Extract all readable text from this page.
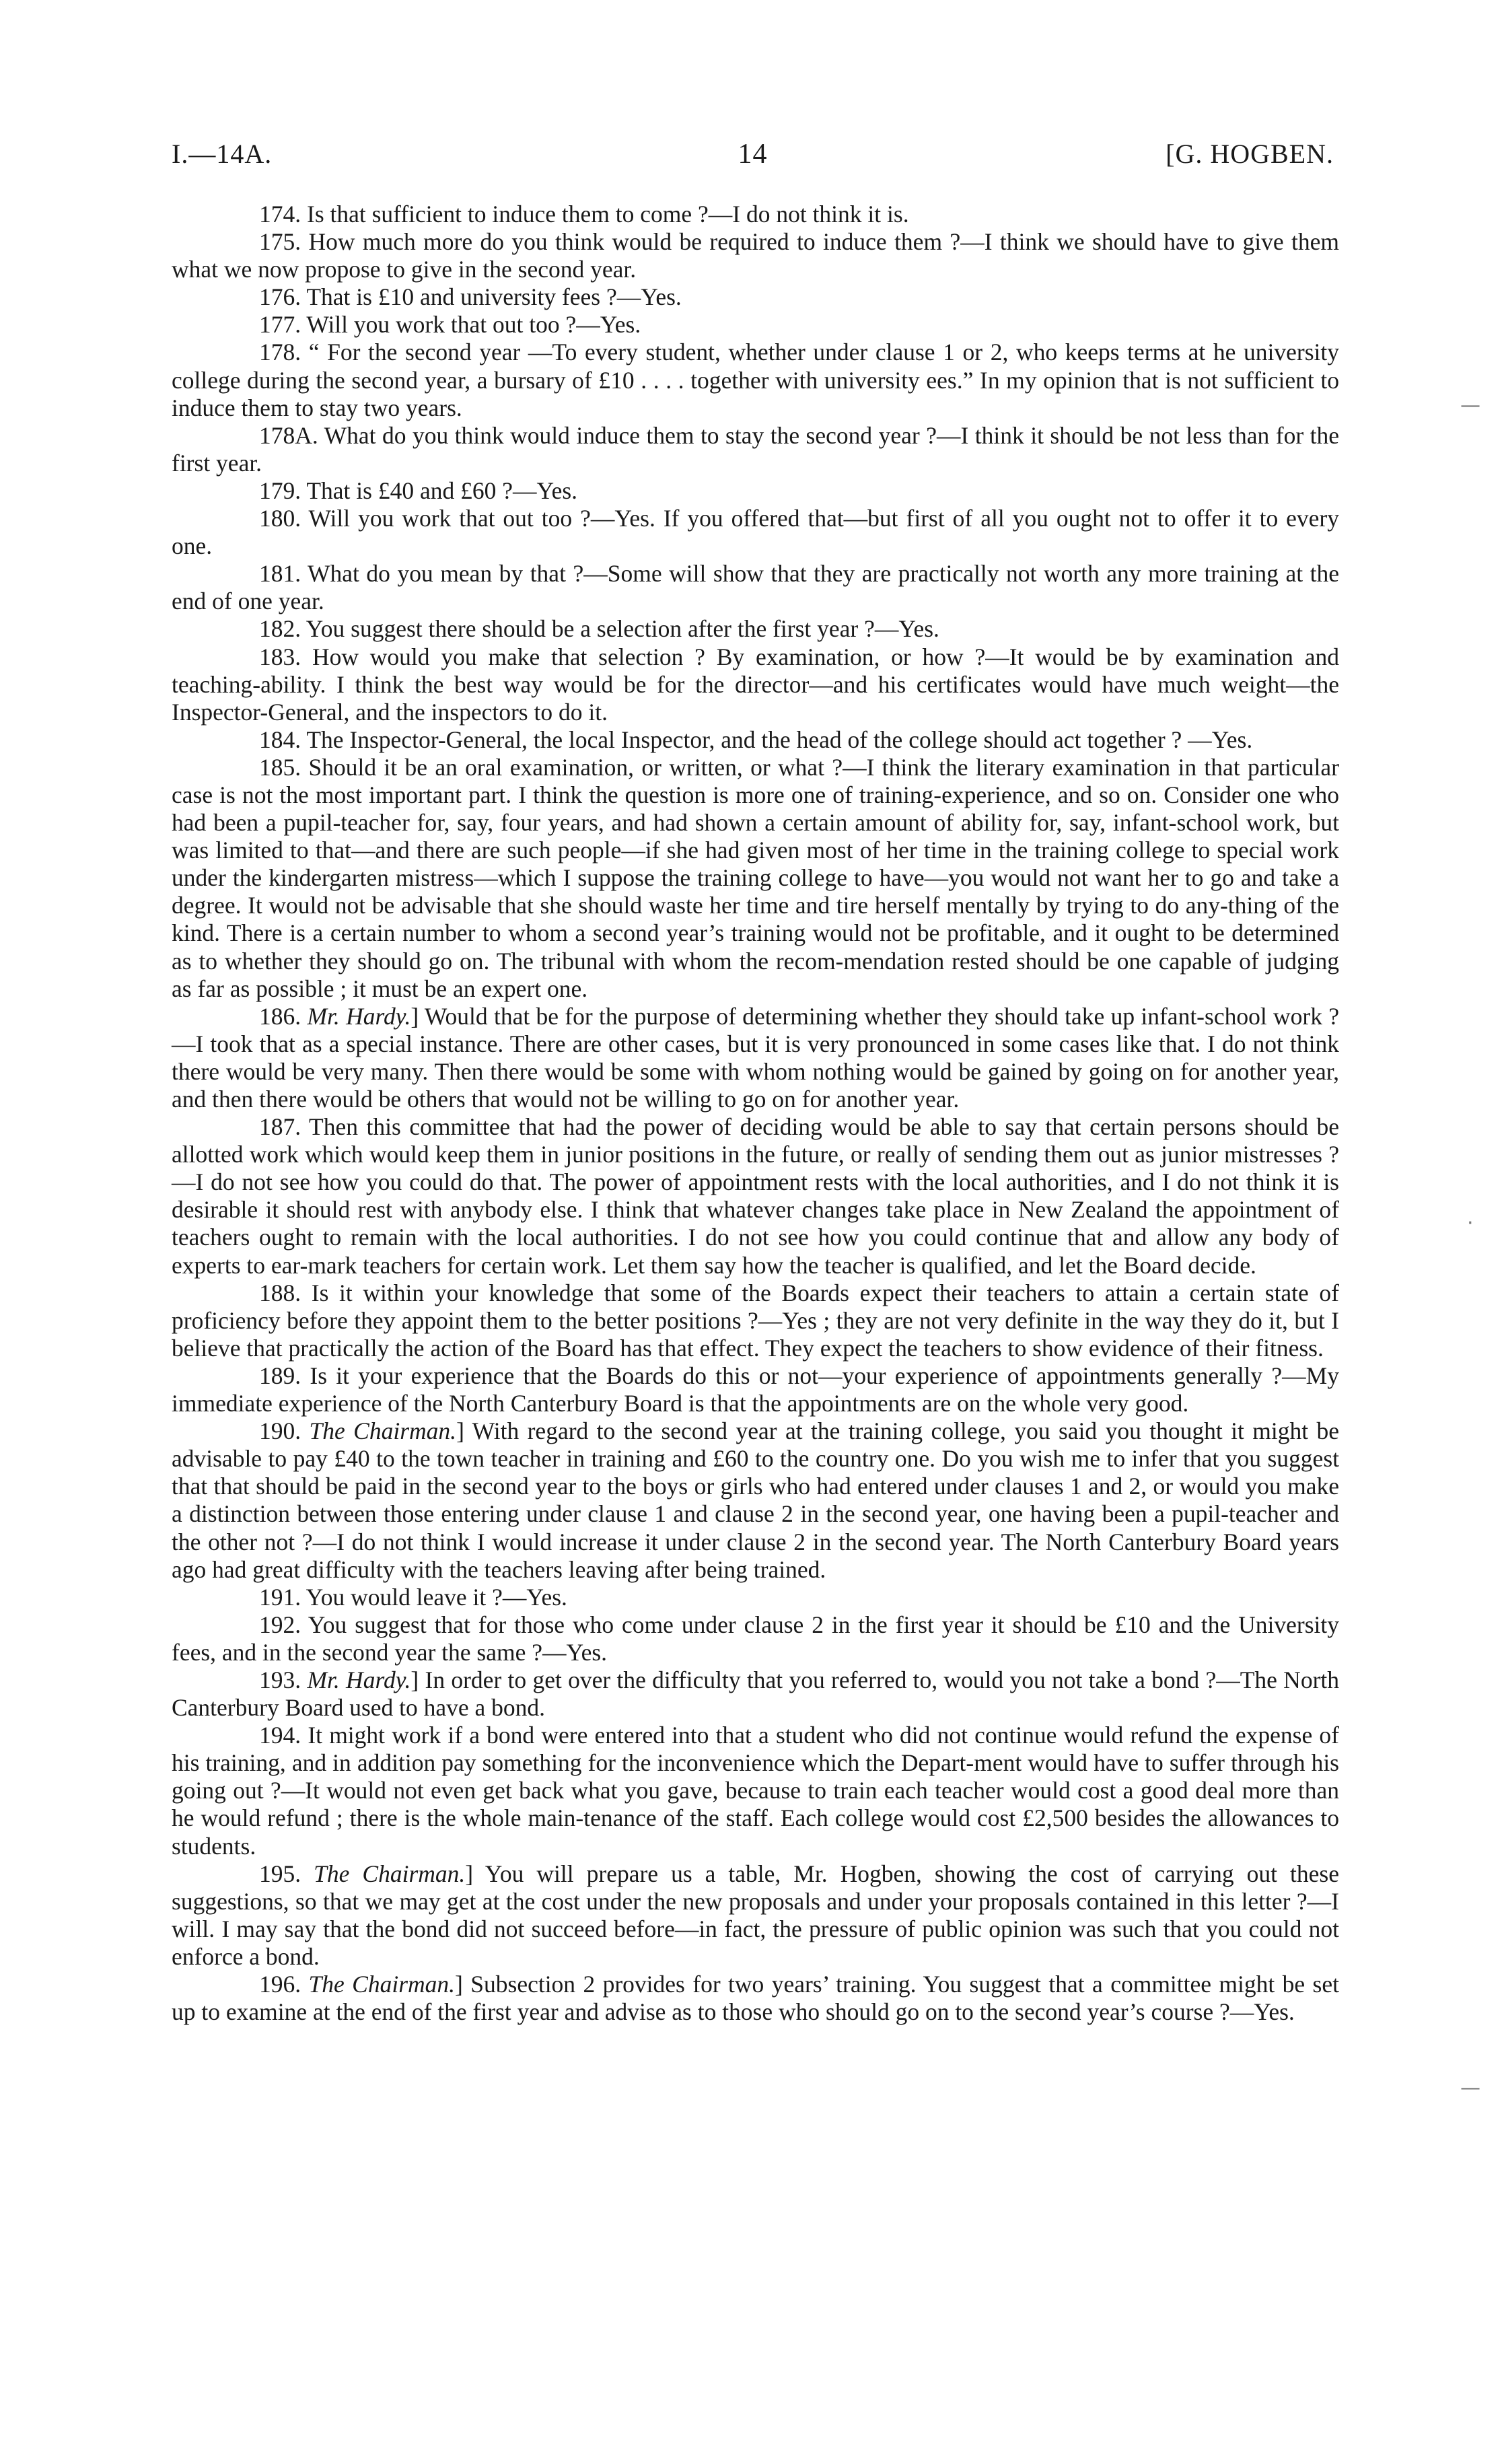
I.—14A.	14	[G. HOGBEN.

174. Is that sufficient to induce them to come ?—I do not think it is.

175. How much more do you think would be required to induce them ?—I think we should have to give them what we now propose to give in the second year.

176. That is £10 and university fees ?—Yes.

177. Will you work that out too ?—Yes.

178. “ For the second year —To every student, whether under clause 1 or 2, who keeps terms at he university college during the second year, a bursary of £10 . . . . together with university ees.” In my opinion that is not sufficient to induce them to stay two years.

178A. What do you think would induce them to stay the second year ?—I think it should be not less than for the first year.

179. That is £40 and £60 ?—Yes.

180. Will you work that out too ?—Yes. If you offered that—but first of all you ought not to offer it to every one.

181. What do you mean by that ?—Some will show that they are practically not worth any more training at the end of one year.

182. You suggest there should be a selection after the first year ?—Yes.

183. How would you make that selection ? By examination, or how ?—It would be by examination and teaching-ability. I think the best way would be for the director—and his certificates would have much weight—the Inspector-General, and the inspectors to do it.

184. The Inspector-General, the local Inspector, and the head of the college should act together ? —Yes.

185. Should it be an oral examination, or written, or what ?—I think the literary examination in that particular case is not the most important part. I think the question is more one of training-experience, and so on. Consider one who had been a pupil-teacher for, say, four years, and had shown a certain amount of ability for, say, infant-school work, but was limited to that—and there are such people—if she had given most of her time in the training college to special work under the kindergarten mistress—which I suppose the training college to have—you would not want her to go and take a degree. It would not be advisable that she should waste her time and tire herself mentally by trying to do any-thing of the kind. There is a certain number to whom a second year’s training would not be profitable, and it ought to be determined as to whether they should go on. The tribunal with whom the recom-mendation rested should be one capable of judging as far as possible ; it must be an expert one.

186. Mr. Hardy.] Would that be for the purpose of determining whether they should take up infant-school work ?—I took that as a special instance. There are other cases, but it is very pronounced in some cases like that. I do not think there would be very many. Then there would be some with whom nothing would be gained by going on for another year, and then there would be others that would not be willing to go on for another year.

187. Then this committee that had the power of deciding would be able to say that certain persons should be allotted work which would keep them in junior positions in the future, or really of sending them out as junior mistresses ?—I do not see how you could do that. The power of appointment rests with the local authorities, and I do not think it is desirable it should rest with anybody else. I think that whatever changes take place in New Zealand the appointment of teachers ought to remain with the local authorities. I do not see how you could continue that and allow any body of experts to ear-mark teachers for certain work. Let them say how the teacher is qualified, and let the Board decide.

188. Is it within your knowledge that some of the Boards expect their teachers to attain a certain state of proficiency before they appoint them to the better positions ?—Yes ; they are not very definite in the way they do it, but I believe that practically the action of the Board has that effect. They expect the teachers to show evidence of their fitness.

189. Is it your experience that the Boards do this or not—your experience of appointments generally ?—My immediate experience of the North Canterbury Board is that the appointments are on the whole very good.

190. The Chairman.] With regard to the second year at the training college, you said you thought it might be advisable to pay £40 to the town teacher in training and £60 to the country one. Do you wish me to infer that you suggest that that should be paid in the second year to the boys or girls who had entered under clauses 1 and 2, or would you make a distinction between those entering under clause 1 and clause 2 in the second year, one having been a pupil-teacher and the other not ?—I do not think I would increase it under clause 2 in the second year. The North Canterbury Board years ago had great difficulty with the teachers leaving after being trained.

191. You would leave it ?—Yes.

192. You suggest that for those who come under clause 2 in the first year it should be £10 and the University fees, and in the second year the same ?—Yes.

193. Mr. Hardy.] In order to get over the difficulty that you referred to, would you not take a bond ?—The North Canterbury Board used to have a bond.

194. It might work if a bond were entered into that a student who did not continue would refund the expense of his training, and in addition pay something for the inconvenience which the Depart-ment would have to suffer through his going out ?—It would not even get back what you gave, because to train each teacher would cost a good deal more than he would refund ; there is the whole main-tenance of the staff. Each college would cost £2,500 besides the allowances to students.

195. The Chairman.] You will prepare us a table, Mr. Hogben, showing the cost of carrying out these suggestions, so that we may get at the cost under the new proposals and under your proposals contained in this letter ?—I will. I may say that the bond did not succeed before—in fact, the pressure of public opinion was such that you could not enforce a bond.

196. The Chairman.] Subsection 2 provides for two years’ training. You suggest that a committee might be set up to examine at the end of the first year and advise as to those who should go on to the second year’s course ?—Yes.

—
·
—
